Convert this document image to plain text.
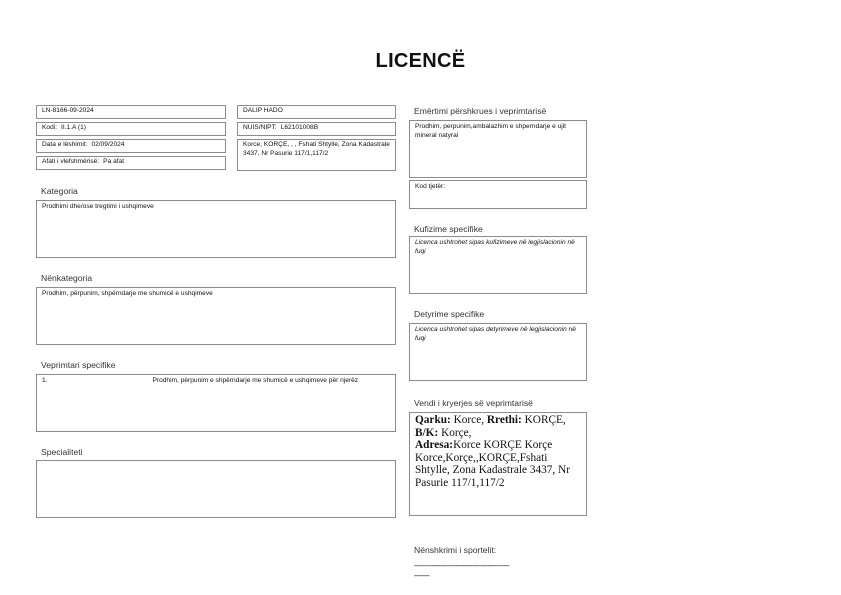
LICENCË
LN-8166-09-2024
Kodi: II.1.A (1)
Data e lëshimit: 02/09/2024
Afati i vlefshmërisë: Pa afat
DALIP HADO
NUIS/NIPT: L62101008B
Korce, KORÇE, , , Fshati Shtylle, Zona Kadastrale 3437, Nr Pasurie 117/1,117/2
Kategoria
Prodhimi dhe/ose tregtimi i ushqimeve
Nënkategoria
Prodhim, përpunim, shpërndarje me shumicë e ushqimeve
Veprimtari specifike
1.	Prodhim, përpunim e shpërndarje me shumicë e ushqimeve për njerëz
Specialiteti
Emërtimi përshkrues i veprimtarisë
Prodhim, perpunim,ambalazhim e shperndarje e ujit mineral natyral
Kod tjetër:
Kufizime specifike
Licenca ushtrohet sipas kufizimeve në legjislacionin në fuqi
Detyrime specifike
Licenca ushtrohet sipas detyrimeve në legjislacionin në fuqi
Vendi i kryerjes së veprimtarisë
Qarku: Korce, Rrethi: KORÇE,
B/K: Korçe,
Adresa:Korce KORÇE Korçe Korce,Korçe,,KORÇE,Fshati Shtylle, Zona Kadastrale 3437, Nr Pasurie 117/1,117/2
Nënshkrimi i sportelit:
--------------------------------------------
-------
